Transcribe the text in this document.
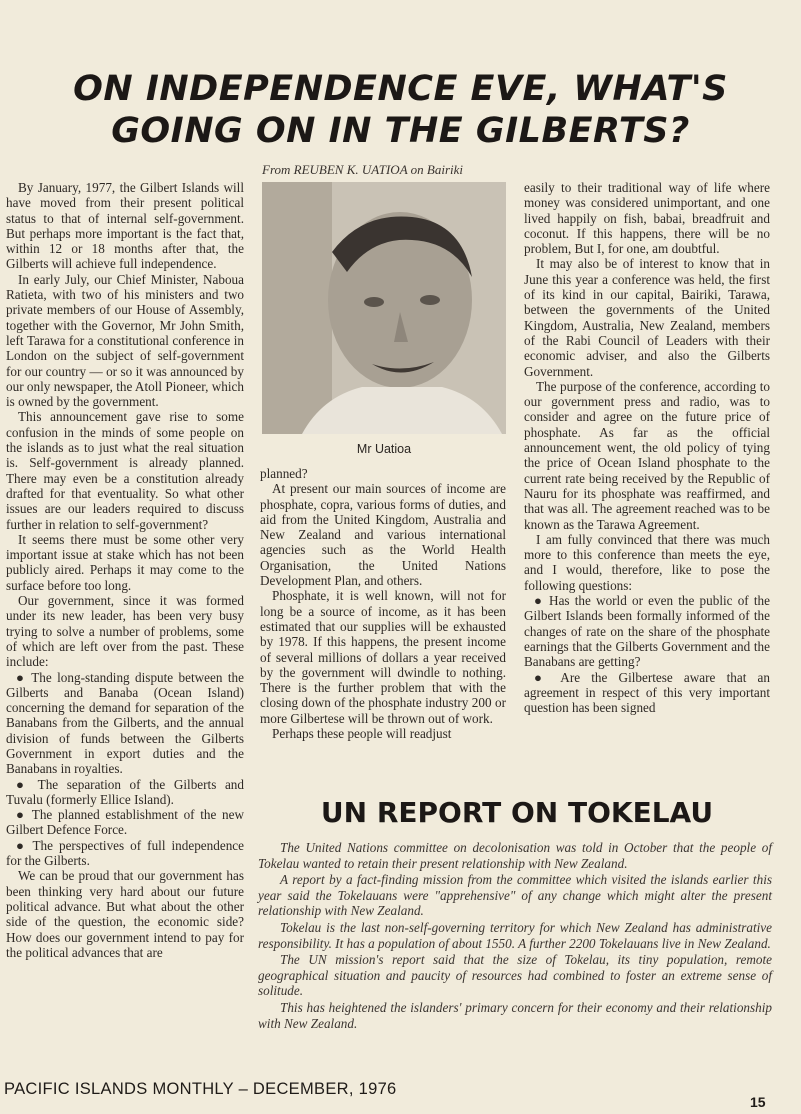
ON INDEPENDENCE EVE, WHAT'S GOING ON IN THE GILBERTS?
From REUBEN K. UATIOA on Bairiki

By January, 1977, the Gilbert Islands will have moved from their present political status to that of internal self-government. But perhaps more important is the fact that, within 12 or 18 months after that, the Gilberts will achieve full independence.

In early July, our Chief Minister, Naboua Ratieta, with two of his ministers and two private members of our House of Assembly, together with the Governor, Mr John Smith, left Tarawa for a constitutional conference in London on the subject of self-government for our country — or so it was announced by our only newspaper, the Atoll Pioneer, which is owned by the government.

This announcement gave rise to some confusion in the minds of some people on the islands as to just what the real situation is. Self-government is already planned. There may even be a constitution already drafted for that eventuality. So what other issues are our leaders required to discuss further in relation to self-government?

It seems there must be some other very important issue at stake which has not been publicly aired. Perhaps it may come to the surface before too long.

Our government, since it was formed under its new leader, has been very busy trying to solve a number of problems, some of which are left over from the past. These include:

● The long-standing dispute between the Gilberts and Banaba (Ocean Island) concerning the demand for separation of the Banabans from the Gilberts, and the annual division of funds between the Gilberts Government in export duties and the Banabans in royalties.

● The separation of the Gilberts and Tuvalu (formerly Ellice Island).

● The planned establishment of the new Gilbert Defence Force.

● The perspectives of full independence for the Gilberts.

We can be proud that our government has been thinking very hard about our future political advance. But what about the other side of the question, the economic side? How does our government intend to pay for the political advances that are

Mr Uatioa

planned?

At present our main sources of income are phosphate, copra, various forms of duties, and aid from the United Kingdom, Australia and New Zealand and various international agencies such as the World Health Organisation, the United Nations Development Plan, and others.

Phosphate, it is well known, will not for long be a source of income, as it has been estimated that our supplies will be exhausted by 1978. If this happens, the present income of several millions of dollars a year received by the government will dwindle to nothing. There is the further problem that with the closing down of the phosphate industry 200 or more Gilbertese will be thrown out of work.

Perhaps these people will readjust

easily to their traditional way of life where money was considered unimportant, and one lived happily on fish, babai, breadfruit and coconut. If this happens, there will be no problem, But I, for one, am doubtful.

It may also be of interest to know that in June this year a conference was held, the first of its kind in our capital, Bairiki, Tarawa, between the governments of the United Kingdom, Australia, New Zealand, members of the Rabi Council of Leaders with their economic adviser, and also the Gilberts Government.

The purpose of the conference, according to our government press and radio, was to consider and agree on the future price of phosphate. As far as the official announcement went, the old policy of tying the price of Ocean Island phosphate to the current rate being received by the Republic of Nauru for its phosphate was reaffirmed, and that was all. The agreement reached was to be known as the Tarawa Agreement.

I am fully convinced that there was much more to this conference than meets the eye, and I would, therefore, like to pose the following questions:

● Has the world or even the public of the Gilbert Islands been formally informed of the changes of rate on the share of the phosphate earnings that the Gilberts Government and the Banabans are getting?

● Are the Gilbertese aware that an agreement in respect of this very important question has been signed

UN REPORT ON TOKELAU

The United Nations committee on decolonisation was told in October that the people of Tokelau wanted to retain their present relationship with New Zealand.

A report by a fact-finding mission from the committee which visited the islands earlier this year said the Tokelauans were "apprehensive" of any change which might alter the present relationship with New Zealand.

Tokelau is the last non-self-governing territory for which New Zealand has administrative responsibility. It has a population of about 1550. A further 2200 Tokelauans live in New Zealand.

The UN mission's report said that the size of Tokelau, its tiny population, remote geographical situation and paucity of resources had combined to foster an extreme sense of solitude.

This has heightened the islanders' primary concern for their economy and their relationship with New Zealand.

PACIFIC ISLANDS MONTHLY – DECEMBER, 1976
15
